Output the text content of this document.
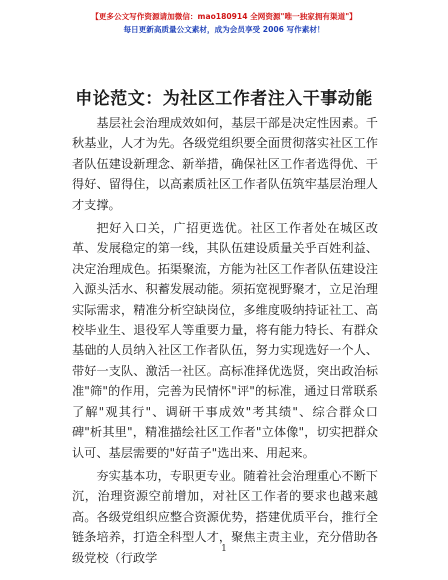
【更多公文写作资源请加微信：mao180914 全网资源"唯一独家拥有渠道"】
每日更新高质量公文素材，成为会员享受 2006 写作素材！
申论范文：为社区工作者注入干事动能

基层社会治理成效如何，基层干部是决定性因素。千秋基业，人才为先。各级党组织要全面贯彻落实社区工作者队伍建设新理念、新举措，确保社区工作者选得优、干得好、留得住，以高素质社区工作者队伍筑牢基层治理人才支撑。

把好入口关，广招更选优。社区工作者处在城区改革、发展稳定的第一线，其队伍建设质量关乎百姓利益、决定治理成色。拓渠聚流，方能为社区工作者队伍建设注入源头活水、积蓄发展动能。须拓宽视野聚才，立足治理实际需求，精准分析空缺岗位，多维度吸纳持证社工、高校毕业生、退役军人等重要力量，将有能力特长、有群众基础的人员纳入社区工作者队伍，努力实现选好一个人、带好一支队、激活一社区。高标准择优选贤，突出政治标准"筛"的作用，完善为民情怀"评"的标准，通过日常联系了解"观其行"、调研干事成效"考其绩"、综合群众口碑"析其里"，精准描绘社区工作者"立体像"，切实把群众认可、基层需要的"好苗子"选出来、用起来。

夯实基本功，专职更专业。随着社会治理重心不断下沉，治理资源空前增加，对社区工作者的要求也越来越高。各级党组织应整合资源优势，搭建优质平台，推行全链条培养，打造全科型人才，聚焦主责主业，充分借助各级党校（行政学

1
